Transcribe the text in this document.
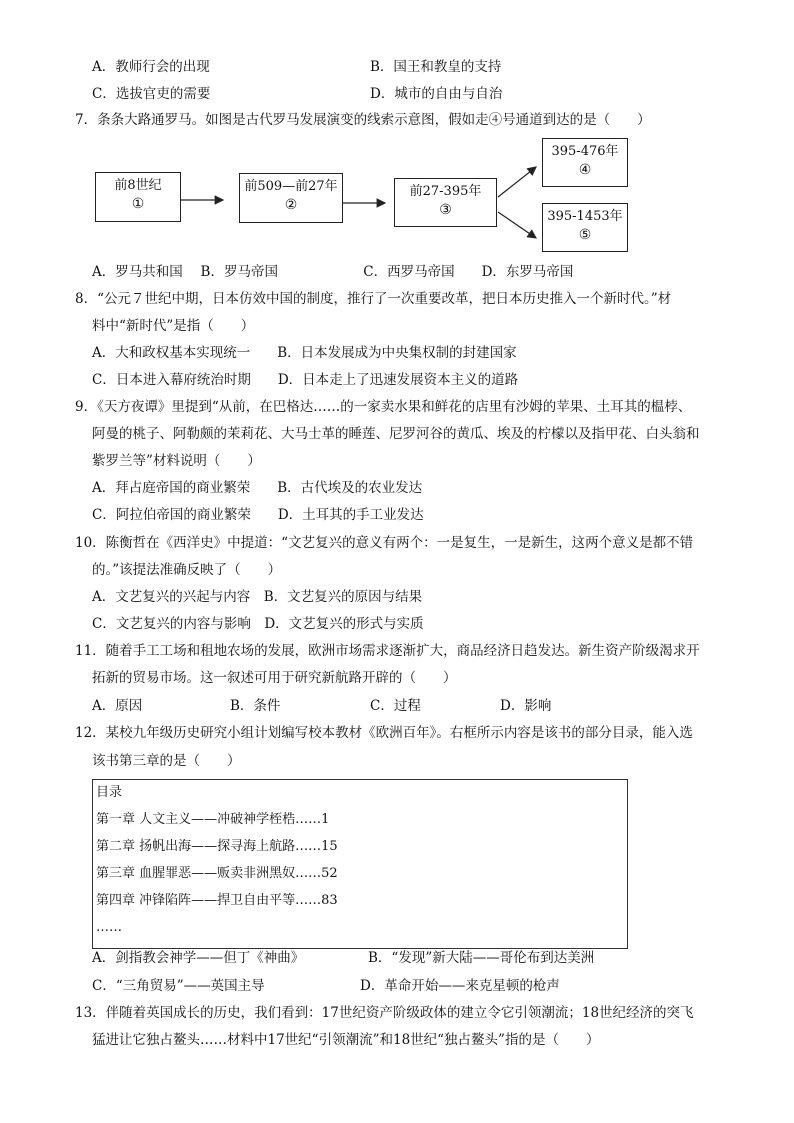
A．教师行会的出现	B．国王和教皇的支持
C．选拔官吏的需要	D．城市的自由与自治
7．条条大路通罗马。如图是古代罗马发展演变的线索示意图，假如走④号通道到达的是（　　）
前8世纪
①
前509—前27年
②
前27-395年
③
395-476年
④
395-1453年
⑤
A．罗马共和国　 B．罗马帝国　　　　　　 C．西罗马帝国　　D．东罗马帝国
8．“公元７世纪中期，日本仿效中国的制度，推行了一次重要改革，把日本历史推入一个新时代。”材
料中“新时代”是指（　　）
A．大和政权基本实现统一　　B．日本发展成为中央集权制的封建国家
C．日本进入幕府统治时期　　D．日本走上了迅速发展资本主义的道路
9．《天方夜谭》里提到“从前，在巴格达……的一家卖水果和鲜花的店里有沙姆的苹果、土耳其的榅桲、
阿曼的桃子、阿勒颇的茉莉花、大马士革的睡莲、尼罗河谷的黄瓜、埃及的柠檬以及指甲花、白头翁和
紫罗兰等”材料说明（　　）
A．拜占庭帝国的商业繁荣　　B．古代埃及的农业发达
C．阿拉伯帝国的商业繁荣　　D．土耳其的手工业发达
10．陈衡哲在《西洋史》中提道：“文艺复兴的意义有两个：一是复生，一是新生，这两个意义是都不错
的。”该提法准确反映了（　　）
A．文艺复兴的兴起与内容　B．文艺复兴的原因与结果
C．文艺复兴的内容与影响　D．文艺复兴的形式与实质
11．随着手工工场和租地农场的发展，欧洲市场需求逐渐扩大，商品经济日趋发达。新生资产阶级渴求开
拓新的贸易市场。这一叙述可用于研究新航路开辟的（　　）
A．原因	B．条件	C．过程	D．影响
12．某校九年级历史研究小组计划编写校本教材《欧洲百年》。右框所示内容是该书的部分目录，能入选
该书第三章的是（　　）
目录
第一章 人文主义——冲破神学桎梏……1
第二章 扬帆出海——探寻海上航路……15
第三章 血腥罪恶——贩卖非洲黑奴……52
第四章 冲锋陷阵——捍卫自由平等……83
……
A．剑指教会神学——但丁《神曲》	B．“发现”新大陆——哥伦布到达美洲
C．“三角贸易”——英国主导	D．革命开始——来克星顿的枪声
13．伴随着英国成长的历史，我们看到：17世纪资产阶级政体的建立令它引领潮流；18世纪经济的突飞
猛进让它独占鳌头……材料中17世纪“引领潮流”和18世纪“独占鳌头”指的是（　　）
